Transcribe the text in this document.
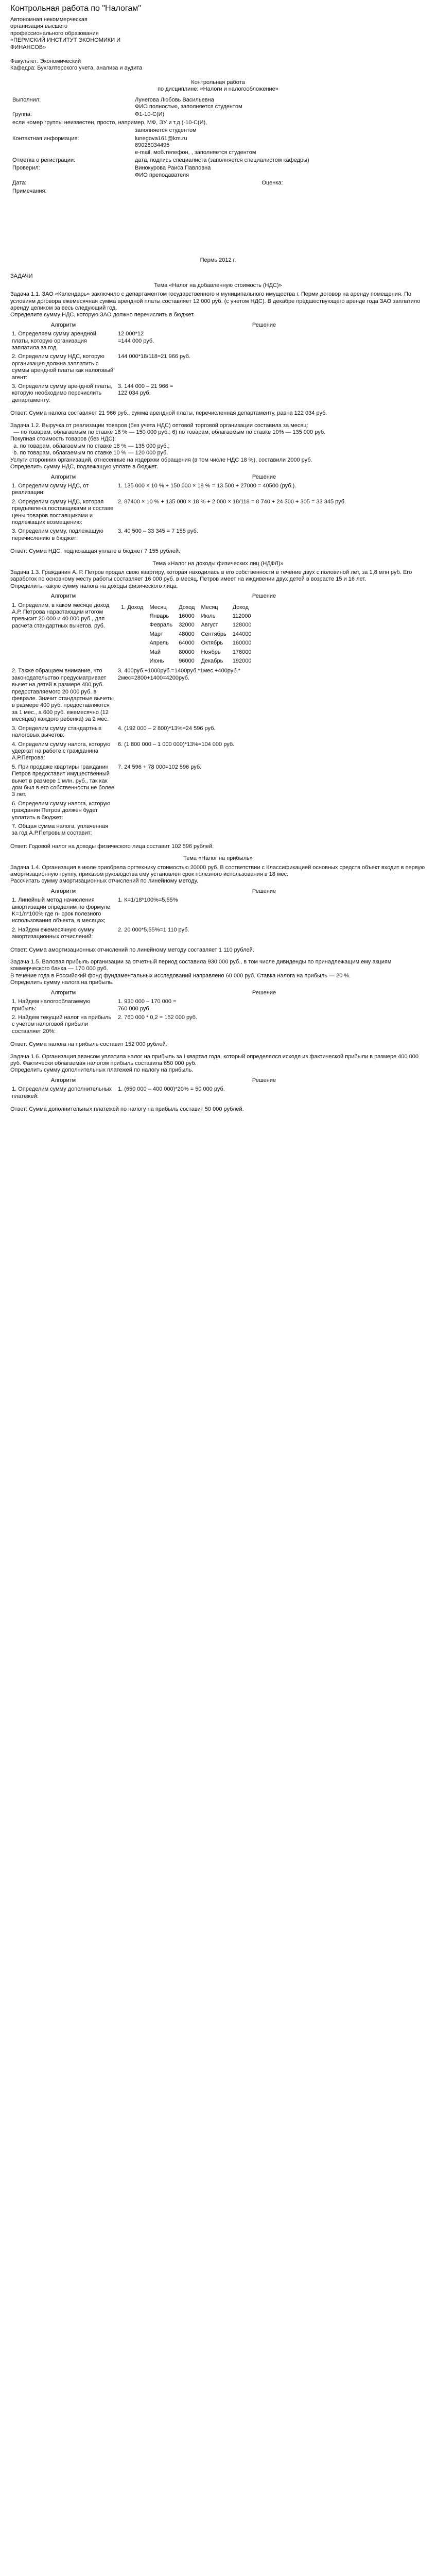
Контрольная работа по "Налогам"
Автономная некоммерческая
организация высшего
профессионального образования
«ПЕРМСКИЙ ИНСТИТУТ ЭКОНОМИКИ И
ФИНАНСОВ»
Факультет: Экономический
Кафедра: Бухгалтерского учета, анализа и аудита
Контрольная работа
по дисциплине: «Налоги и налогообложение»
Выполнил:	Лунегова Любовь Васильевна
ФИО полностью, заполняется студентом
Группа:	Ф1-10-С(И)
если номер группы неизвестен, просто, например, МФ, ЭУ и т.д.(-10-С(И),	
	заполняется студентом
Контактная информация:	lunegova161@km.ru
89028034495
e-mail, моб.телефон, , заполняется студентом
Отметка о регистрации:	дата, подпись специалиста (заполняется специалистом кафедры)
Проверил:	Винокурова Раиса Павловна
ФИО преподавателя
Дата:	Оценка:
Примечания:	
Пермь 2012 г.
ЗАДАЧИ
Тема «Налог на добавленную стоимость (НДС)»
Задача 1.1. ЗАО «Календарь» заключило с департаментом государственного и муниципального имущества г. Перми договор на аренду помещения. По условиям договора ежемесячная сумма арендной платы составляет 12 000 руб. (с учетом НДС). В декабре предшествующего аренде года ЗАО заплатило аренду целиком за весь следующий год.
Определите сумму НДС, которую ЗАО должно перечислить в бюджет.
Алгоритм	Решение
1. Определяем сумму арендной платы, которую организация заплатила за год.	12 000*12
=144 000 руб.
2. Определим сумму НДС, которую организация должна заплатить с суммы арендной платы как налоговый агент:	144 000*18/118=21 966 руб.
3. Определим сумму арендной платы, которую необходимо перечислить департаменту:	3. 144 000 – 21 966 =
122 034 руб.
Ответ: Сумма налога составляет 21 966 руб., сумма арендной платы, перечисленная департаменту, равна 122 034 руб.
Задача 1.2. Выручка от реализации товаров (без учета НДС) оптовой торговой организации составила за месяц:
— по товарам, облагаемым по ставке 18 % — 150 000 руб.; 6) по товарам, облагаемым по ставке 10% — 135 000 руб.
Покупная стоимость товаров (без НДС):
а. по товарам, облагаемым по ставке 18 % — 135 000 руб.;
b. по товарам, облагаемым по ставке 10 % — 120 000 руб.
Услуги сторонних организаций, отнесенные на издержки обращения (в том числе НДС 18 %), составили 2000 руб.
Определить сумму НДС, подлежащую уплате в бюджет.
Алгоритм	Решение
1. Определим сумму НДС, от реализации:	1. 135 000 × 10 % + 150 000 × 18 % = 13 500 + 27000 = 40500 (руб.).
2. Определим сумму НДС, которая предъявлена поставщиками и составе цены товаров поставщиками и подлежащих возмещению:	2. 87400 × 10 % + 135 000 × 18 % + 2 000 × 18/118 = 8 740 + 24 300 + 305 = 33 345 руб.
3. Определим сумму, подлежащую перечислению в бюджет:	3. 40 500 – 33 345 = 7 155 руб.
Ответ: Сумма НДС, подлежащая уплате в бюджет 7 155 рублей.
Тема «Налог на доходы физических лиц (НДФЛ)»
Задача 1.3. Гражданин А. Р. Петров продал свою квартиру, которая находилась в его собственности в течение двух с половиной лет, за 1,8 млн руб. Его заработок по основному месту работы составляет 16 000 руб. в месяц. Петров имеет на иждивении двух детей в возрасте 15 и 16 лет.
Определить, какую сумму налога на доходы физического лица.
Алгоритм	Решение
1. Определим, в каком месяце доход А.Р. Петрова нарастающим итогом превысит 20 000 и 40 000 руб., для расчета стандартных вычетов, руб.	
1. Доход	Месяц	Доход	Месяц	Доход
	Январь	16000	Июль	112000
	Февраль	32000	Август	128000
	Март	48000	Сентябрь	144000
	Апрель	64000	Октябрь	160000
	Май	80000	Ноябрь	176000
	Июнь	96000	Декабрь	192000

2. Также обращаем внимание, что законодательство предусматривает вычет на детей в размере 400 руб. предоставляемого 20 000 руб. в феврале. Значит стандартные вычеты в размере 400 руб. предоставляются за 1 мес., а 600 руб. ежемесячно (12 месяцев) каждого ребенка) за 2 мес.	3. 400руб.+1000руб.=1400руб.*1мес.+400руб.*
2мес=2800+1400=4200руб.
3. Определим сумму стандартных налоговых вычетов:	4. (192 000 – 2 800)*13%=24 596 руб.
4. Определим сумму налога, которую удержат на работе с гражданина А.Р.Петрова:	6. (1 800 000 – 1 000 000)*13%=104 000 руб.
5. При продаже квартиры гражданин Петров предоставит имущественный вычет в размере 1 млн. руб., так как дом был в его собственности не более 3 лет.	7. 24 596 + 78 000=102 596 руб.
6. Определим сумму налога, которую гражданин Петров должен будет уплатить в бюджет:	
7. Общая сумма налога, уплаченная за год А.Р.Петровым составит:	
Ответ: Годовой налог на доходы физического лица составит 102 596 рублей.
Тема «Налог на прибыль»
Задача 1.4. Организация в июле приобрела оргтехнику стоимостью 20000 руб. В соответствии с Классификацией основных средств объект входит в первую амортизационную группу, приказом руководства ему установлен срок полезного использования в 18 мес.
Рассчитать сумму амортизационных отчислений по линейному методу.
Алгоритм	Решение
1. Линейный метод начисления амортизации определим по формуле: K=1/n*100% где n- срок полезного использования объекта, в месяцах;	1. К=1/18*100%=5,55%
2. Найдем ежемесячную сумму амортизационных отчислений:	2. 20 000*5,55%=1 110 руб.
Ответ: Сумма амортизационных отчислений по линейному методу составляет 1 110 рублей.
Задача 1.5. Валовая прибыль организации за отчетный период составила 930 000 руб., в том числе дивиденды по принадлежащим ему акциям коммерческого банка — 170 000 руб.
В течение года в Российский фонд фундаментальных исследований направлено 60 000 руб. Ставка налога на прибыль — 20 %.
Определить сумму налога на прибыль.
Алгоритм	Решение
1. Найдем налогооблагаемую прибыль:	1. 930 000 – 170 000 =
760 000 руб.
2. Найдем текущий налог на прибыль с учетом налоговой прибыли составляет 20%:	2. 760 000 * 0,2 = 152 000 руб.
Ответ: Сумма налога на прибыль составит 152 000 рублей.
Задача 1.6. Организация авансом уплатила налог на прибыль за I квартал года, который определялся исходя из фактической прибыли в размере 400 000 руб. Фактически облагаемая налогом прибыль составила 650 000 руб.
Определить сумму дополнительных платежей по налогу на прибыль.
Алгоритм	Решение
1. Определим сумму дополнительных платежей:	1. (650 000 – 400 000)*20% = 50 000 руб.
Ответ: Сумма дополнительных платежей по налогу на прибыль составит 50 000 рублей.
